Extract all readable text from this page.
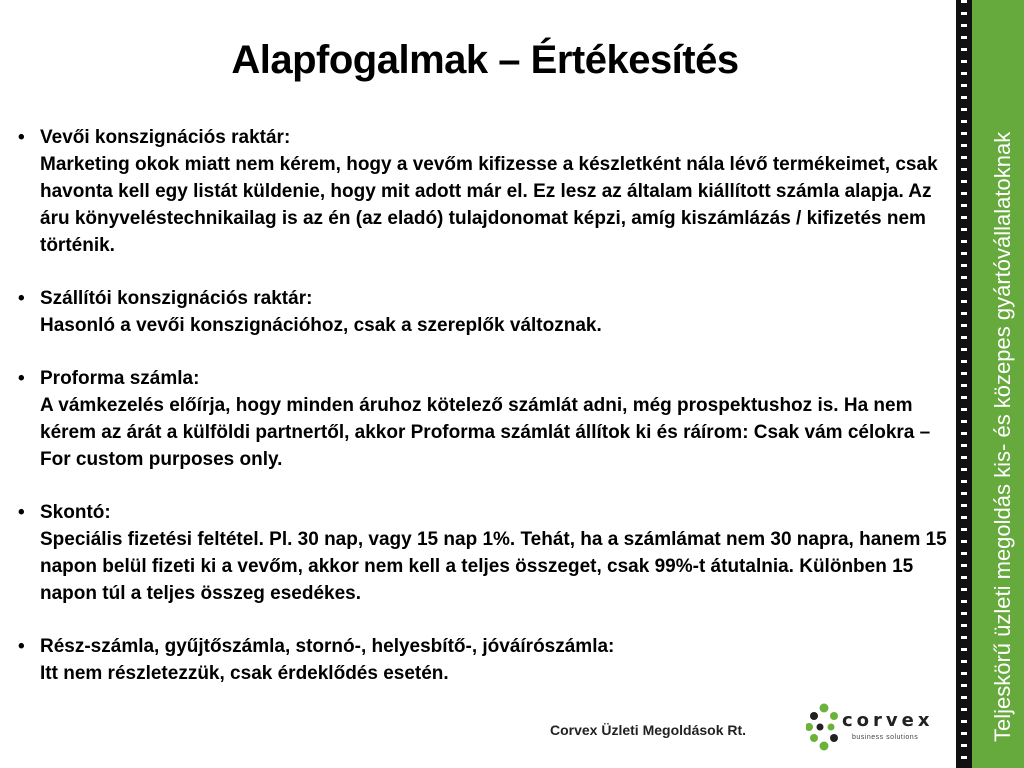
Alapfogalmak – Értékesítés
• Vevői konszignációs raktár:
Marketing okok miatt nem kérem, hogy a vevőm kifizesse a készletként nála lévő termékeimet, csak havonta kell egy listát küldenie, hogy mit adott már el. Ez lesz az általam kiállított számla alapja. Az áru könyveléstechnikailag is az én (az eladó) tulajdonomat képzi, amíg kiszámlázás / kifizetés nem történik.
• Szállítói konszignációs raktár:
Hasonló a vevői konszignációhoz, csak a szereplők változnak.
• Proforma számla:
A vámkezelés előírja, hogy minden áruhoz kötelező számlát adni, még prospektushoz is. Ha nem kérem az árát a külföldi partnertől, akkor Proforma számlát állítok ki és ráírom: Csak vám célokra – For custom purposes only.
• Skontó:
Speciális fizetési feltétel. Pl. 30 nap, vagy 15 nap 1%. Tehát, ha a számlámat nem 30 napra, hanem 15 napon belül fizeti ki a vevőm, akkor nem kell a teljes összeget, csak 99%-t átutalnia. Különben 15 napon túl a teljes összeg esedékes.
• Rész-számla, gyűjtőszámla, stornó-, helyesbítő-, jóváírószámla:
Itt nem részletezzük, csak érdeklődés esetén.
Corvex Üzleti Megoldások Rt.	corvex
business solutions	Teljeskörű üzleti megoldás kis- és közepes gyártóvállalatoknak
